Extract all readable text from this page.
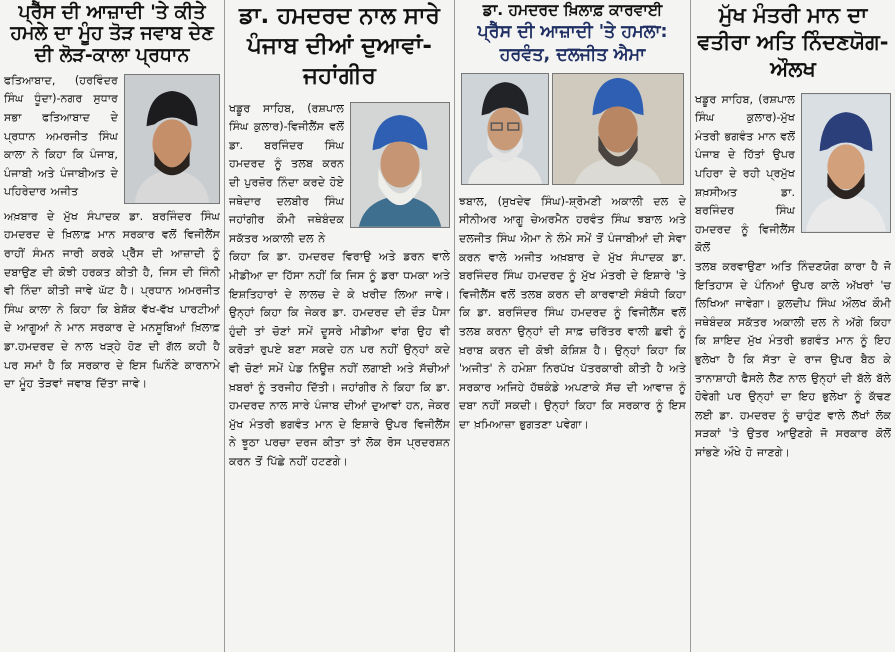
ਪ੍ਰੈੱਸ ਦੀ ਆਜ਼ਾਦੀ 'ਤੇ ਕੀਤੇ ਹਮਲੇ ਦਾ ਮੂੰਹ ਤੋੜ ਜਵਾਬ ਦੇਣ ਦੀ ਲੋੜ-ਕਾਲਾ ਪ੍ਰਧਾਨ

ਫਤਿਆਬਾਦ, (ਹਰਵਿੰਦਰ ਸਿੰਘ ਧੂੰਦਾ)-ਨਗਰ ਸੁਧਾਰ ਸਭਾ ਫਤਿਆਬਾਦ ਦੇ ਪ੍ਰਧਾਨ ਅਮਰਜੀਤ ਸਿੰਘ ਕਾਲਾ ਨੇ ਕਿਹਾ ਕਿ ਪੰਜਾਬ, ਪੰਜਾਬੀ ਅਤੇ ਪੰਜਾਬੀਅਤ ਦੇ ਪਹਿਰੇਦਾਰ ਅਜੀਤ

ਅਖ਼ਬਾਰ ਦੇ ਮੁੱਖ ਸੰਪਾਦਕ ਡਾ. ਬਰਜਿੰਦਰ ਸਿੰਘ ਹਮਦਰਦ ਦੇ ਖ਼ਿਲਾਫ਼ ਮਾਨ ਸਰਕਾਰ ਵਲੋਂ ਵਿਜੀਲੈਂਸ ਰਾਹੀਂ ਸੰਮਨ ਜਾਰੀ ਕਰਕੇ ਪ੍ਰੈੱਸ ਦੀ ਆਜ਼ਾਦੀ ਨੂੰ ਦਬਾਉਣ ਦੀ ਕੋਝੀ ਹਰਕਤ ਕੀਤੀ ਹੈ, ਜਿਸ ਦੀ ਜਿੰਨੀ ਵੀ ਨਿੰਦਾ ਕੀਤੀ ਜਾਵੇ ਘੱਟ ਹੈ। ਪ੍ਰਧਾਨ ਅਮਰਜੀਤ ਸਿੰਘ ਕਾਲਾ ਨੇ ਕਿਹਾ ਕਿ ਬੇਸ਼ੱਕ ਵੱਖ-ਵੱਖ ਪਾਰਟੀਆਂ ਦੇ ਆਗੂਆਂ ਨੇ ਮਾਨ ਸਰਕਾਰ ਦੇ ਮਨਸੂਬਿਆਂ ਖ਼ਿਲਾਫ਼ ਡਾ.ਹਮਦਰਦ ਦੇ ਨਾਲ ਖੜ੍ਹੇ ਹੋਣ ਦੀ ਗੱਲ ਕਹੀ ਹੈ ਪਰ ਸਮਾਂ ਹੈ ਕਿ ਸਰਕਾਰ ਦੇ ਇਸ ਘਿਨੌਣੇ ਕਾਰਨਾਮੇ ਦਾ ਮੂੰਹ ਤੋੜਵਾਂ ਜਵਾਬ ਦਿੱਤਾ ਜਾਵੇ।

ਡਾ. ਹਮਦਰਦ ਨਾਲ ਸਾਰੇ ਪੰਜਾਬ ਦੀਆਂ ਦੁਆਵਾਂ-ਜਹਾਂਗੀਰ

ਖਡੂਰ ਸਾਹਿਬ, (ਰਸ਼ਪਾਲ ਸਿੰਘ ਕੁਲਾਰ)-ਵਿਜੀਲੈਂਸ ਵਲੋਂ ਡਾ. ਬਰਜਿੰਦਰ ਸਿੰਘ ਹਮਦਰਦ ਨੂੰ ਤਲਬ ਕਰਨ ਦੀ ਪੁਰਜ਼ੋਰ ਨਿੰਦਾ ਕਰਦੇ ਹੋਏ ਜਥੇਦਾਰ ਦਲਬੀਰ ਸਿੰਘ ਜਹਾਂਗੀਰ ਕੌਮੀ ਜਥੇਬੰਦਕ ਸਕੱਤਰ ਅਕਾਲੀ ਦਲ ਨੇ

ਕਿਹਾ ਕਿ ਡਾ. ਹਮਦਰਦ ਵਿਰਾਉ ਅਤੇ ਡਰਨ ਵਾਲੇ ਮੀਡੀਆ ਦਾ ਹਿੱਸਾ ਨਹੀਂ ਕਿ ਜਿਸ ਨੂੰ ਡਰਾ ਧਮਕਾ ਅਤੇ ਇਸ਼ਤਿਹਾਰਾਂ ਦੇ ਲਾਲਚ ਦੇ ਕੇ ਖਰੀਦ ਲਿਆ ਜਾਵੇ। ਉਨ੍ਹਾਂ ਕਿਹਾ ਕਿ ਜੇਕਰ ਡਾ. ਹਮਦਰਦ ਦੀ ਦੌੜ ਪੈਸਾ ਹੁੰਦੀ ਤਾਂ ਚੋਣਾਂ ਸਮੇਂ ਦੂਸਰੇ ਮੀਡੀਆ ਵਾਂਗ ਉਹ ਵੀ ਕਰੋੜਾਂ ਰੁਪਏ ਬਣਾ ਸਕਦੇ ਹਨ ਪਰ ਨਹੀਂ ਉਨ੍ਹਾਂ ਕਦੇ ਵੀ ਚੋਣਾਂ ਸਮੇਂ ਪੇਡ ਨਿਊਜ਼ ਨਹੀਂ ਲਗਾਈ ਅਤੇ ਸੱਚੀਆਂ ਖ਼ਬਰਾਂ ਨੂੰ ਤਰਜੀਹ ਦਿੱਤੀ। ਜਹਾਂਗੀਰ ਨੇ ਕਿਹਾ ਕਿ ਡਾ. ਹਮਦਰਦ ਨਾਲ ਸਾਰੇ ਪੰਜਾਬ ਦੀਆਂ ਦੁਆਵਾਂ ਹਨ, ਜੇਕਰ ਮੁੱਖ ਮੰਤਰੀ ਭਗਵੰਤ ਮਾਨ ਦੇ ਇਸ਼ਾਰੇ ਉਪਰ ਵਿਜੀਲੈਂਸ ਨੇ ਝੂਠਾ ਪਰਚਾ ਦਰਜ ਕੀਤਾ ਤਾਂ ਲੋਕ ਰੋਸ ਪ੍ਰਦਰਸ਼ਨ ਕਰਨ ਤੋਂ ਪਿੱਛੇ ਨਹੀਂ ਹਟਣਗੇ।

ਡਾ. ਹਮਦਰਦ ਖ਼ਿਲਾਫ਼ ਕਾਰਵਾਈ
ਪ੍ਰੈੱਸ ਦੀ ਆਜ਼ਾਦੀ 'ਤੇ ਹਮਲਾ: ਹਰਵੰਤ, ਦਲਜੀਤ ਐਮਾ

ਝਬਾਲ, (ਸੁਖਦੇਵ ਸਿੰਘ)-ਸ਼੍ਰੋਮਣੀ ਅਕਾਲੀ ਦਲ ਦੇ ਸੀਨੀਅਰ ਆਗੂ ਚੇਅਰਮੈਨ ਹਰਵੰਤ ਸਿੰਘ ਝਬਾਲ ਅਤੇ ਦਲਜੀਤ ਸਿੰਘ ਐਮਾ ਨੇ ਲੰਮੇ ਸਮੇਂ ਤੋਂ ਪੰਜਾਬੀਆਂ ਦੀ ਸੇਵਾ ਕਰਨ ਵਾਲੇ ਅਜੀਤ ਅਖ਼ਬਾਰ ਦੇ ਮੁੱਖ ਸੰਪਾਦਕ ਡਾ. ਬਰਜਿੰਦਰ ਸਿੰਘ ਹਮਦਰਦ ਨੂੰ ਮੁੱਖ ਮੰਤਰੀ ਦੇ ਇਸ਼ਾਰੇ 'ਤੇ ਵਿਜੀਲੈਂਸ ਵਲੋਂ ਤਲਬ ਕਰਨ ਦੀ ਕਾਰਵਾਈ ਸੰਬੰਧੀ ਕਿਹਾ ਕਿ ਡਾ. ਬਰਜਿੰਦਰ ਸਿੰਘ ਹਮਦਰਦ ਨੂੰ ਵਿਜੀਲੈਂਸ ਵਲੋਂ ਤਲਬ ਕਰਨਾ ਉਨ੍ਹਾਂ ਦੀ ਸਾਫ਼ ਚਰਿੱਤਰ ਵਾਲੀ ਛਵੀ ਨੂੰ ਖ਼ਰਾਬ ਕਰਨ ਦੀ ਕੋਝੀ ਕੋਸ਼ਿਸ਼ ਹੈ। ਉਨ੍ਹਾਂ ਕਿਹਾ ਕਿ 'ਅਜੀਤ' ਨੇ ਹਮੇਸ਼ਾ ਨਿਰਪੱਖ ਪੱਤਰਕਾਰੀ ਕੀਤੀ ਹੈ ਅਤੇ ਸਰਕਾਰ ਅਜਿਹੇ ਹੱਥਕੰਡੇ ਅਪਣਾਕੇ ਸੱਚ ਦੀ ਆਵਾਜ਼ ਨੂੰ ਦਬਾ ਨਹੀਂ ਸਕਦੀ। ਉਨ੍ਹਾਂ ਕਿਹਾ ਕਿ ਸਰਕਾਰ ਨੂੰ ਇਸ ਦਾ ਖ਼ਮਿਆਜ਼ਾ ਭੁਗਤਣਾ ਪਵੇਗਾ।

ਮੁੱਖ ਮੰਤਰੀ ਮਾਨ ਦਾ ਵਤੀਰਾ ਅਤਿ ਨਿੰਦਣਯੋਗ-ਔਲਖ

ਖਡੂਰ ਸਾਹਿਬ, (ਰਸ਼ਪਾਲ ਸਿੰਘ ਕੁਲਾਰ)-ਮੁੱਖ ਮੰਤਰੀ ਭਗਵੰਤ ਮਾਨ ਵਲੋਂ ਪੰਜਾਬ ਦੇ ਹਿੱਤਾਂ ਉਪਰ ਪਹਿਰਾ ਦੇ ਰਹੀ ਪ੍ਰਮੁੱਖ ਸ਼ਖ਼ਸੀਅਤ ਡਾ. ਬਰਜਿੰਦਰ ਸਿੰਘ ਹਮਦਰਦ ਨੂੰ ਵਿਜੀਲੈਂਸ ਕੋਲੋਂ

ਤਲਬ ਕਰਵਾਉਣਾ ਅਤਿ ਨਿੰਦਣਯੋਗ ਕਾਰਾ ਹੈ ਜੋ ਇਤਿਹਾਸ ਦੇ ਪੰਨਿਆਂ ਉਪਰ ਕਾਲੇ ਅੱਖਰਾਂ 'ਚ ਲਿਖਿਆ ਜਾਵੇਗਾ। ਕੁਲਦੀਪ ਸਿੰਘ ਔਲਖ ਕੌਮੀ ਜਥੇਬੰਦਕ ਸਕੱਤਰ ਅਕਾਲੀ ਦਲ ਨੇ ਅੱਗੇ ਕਿਹਾ ਕਿ ਸ਼ਾਇਦ ਮੁੱਖ ਮੰਤਰੀ ਭਗਵੰਤ ਮਾਨ ਨੂੰ ਇਹ ਭੁਲੇਖਾ ਹੈ ਕਿ ਸੱਤਾ ਦੇ ਰਾਜ ਉਪਰ ਬੈਠ ਕੇ ਤਾਨਾਸ਼ਾਹੀ ਫੈਸਲੇ ਲੈਣ ਨਾਲ ਉਨ੍ਹਾਂ ਦੀ ਬੱਲੇ ਬੱਲੇ ਹੋਵੇਗੀ ਪਰ ਉਨ੍ਹਾਂ ਦਾ ਇਹ ਭੁਲੇਖਾ ਨੂੰ ਕੱਢਣ ਲਈ ਡਾ. ਹਮਦਰਦ ਨੂੰ ਚਾਹੁੰਣ ਵਾਲੇ ਲੱਖਾਂ ਲੋਕ ਸੜਕਾਂ 'ਤੇ ਉਤਰ ਆਉਣਗੇ ਜੋ ਸਰਕਾਰ ਕੋਲੋਂ ਸਾਂਭਣੇ ਔਖੇ ਹੋ ਜਾਣਗੇ।
